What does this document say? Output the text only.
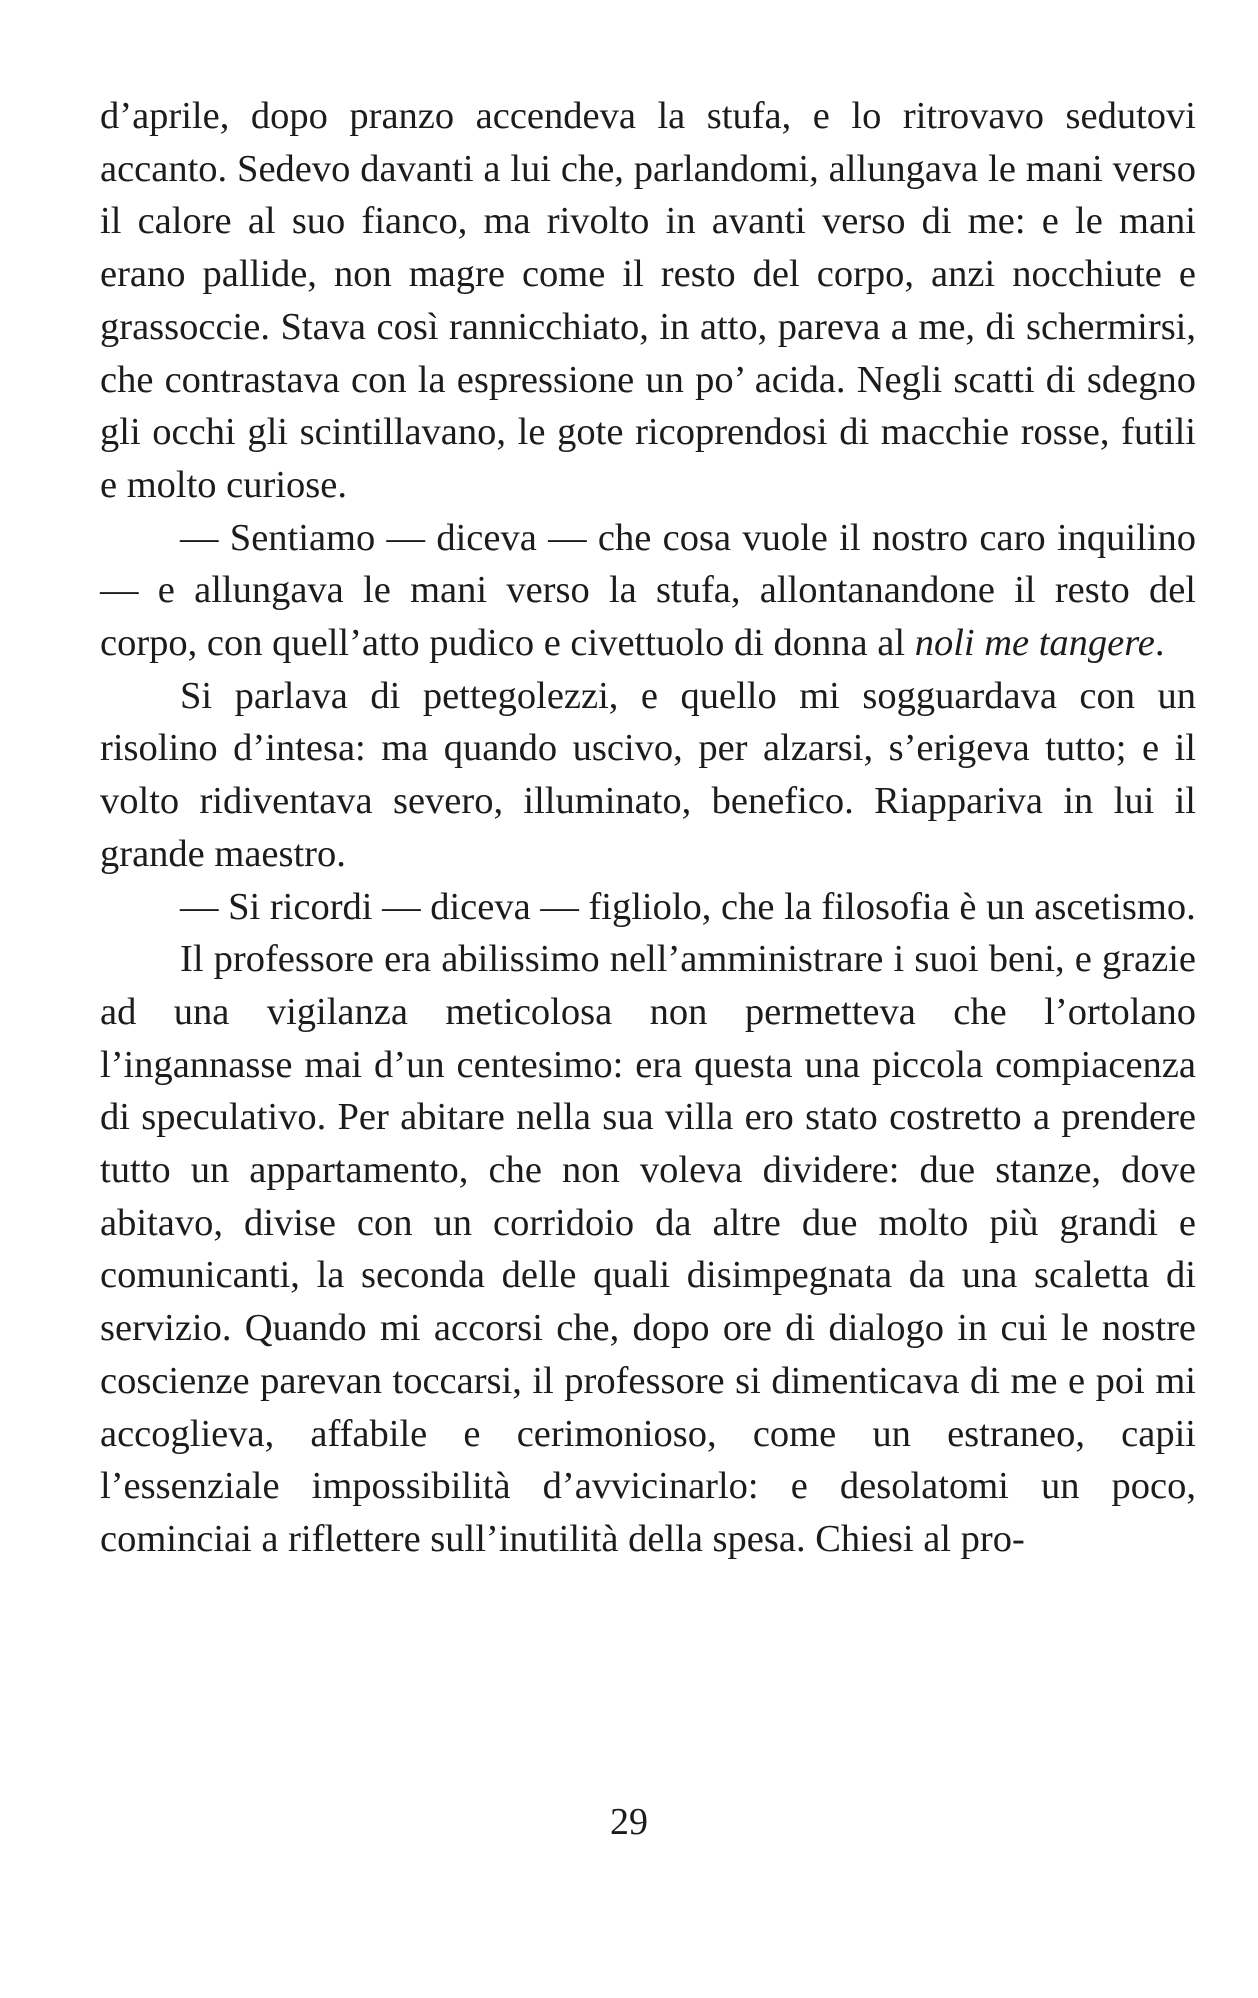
d’aprile, dopo pranzo accendeva la stufa, e lo ritrovavo sedutovi accanto. Sedevo davanti a lui che, parlandomi, allungava le mani verso il calore al suo fianco, ma rivolto in avanti verso di me: e le mani erano pallide, non magre come il resto del corpo, anzi nocchiute e grassoccie. Stava così rannicchiato, in atto, pareva a me, di schermirsi, che contrastava con la espressione un po’ acida. Negli scatti di sdegno gli occhi gli scintillavano, le gote ricoprendosi di macchie rosse, futili e molto curiose.

— Sentiamo — diceva — che cosa vuole il nostro caro inquilino — e allungava le mani verso la stufa, allontanandone il resto del corpo, con quell’atto pudico e civettuolo di donna al noli me tangere.

Si parlava di pettegolezzi, e quello mi sogguardava con un risolino d’intesa: ma quando uscivo, per alzarsi, s’erigeva tutto; e il volto ridiventava severo, illuminato, benefico. Riappariva in lui il grande maestro.

— Si ricordi — diceva — figliolo, che la filosofia è un ascetismo.

Il professore era abilissimo nell’amministrare i suoi beni, e grazie ad una vigilanza meticolosa non permetteva che l’ortolano l’ingannasse mai d’un centesimo: era questa una piccola compiacenza di speculativo. Per abitare nella sua villa ero stato costretto a prendere tutto un appartamento, che non voleva dividere: due stanze, dove abitavo, divise con un corridoio da altre due molto più grandi e comunicanti, la seconda delle quali disimpegnata da una scaletta di servizio. Quando mi accorsi che, dopo ore di dialogo in cui le nostre coscienze parevan toccarsi, il professore si dimenticava di me e poi mi accoglieva, affabile e cerimonioso, come un estraneo, capii l’essenziale impossibilità d’avvicinarlo: e desolatomi un poco, cominciai a riflettere sull’inutilità della spesa. Chiesi al pro-

29
